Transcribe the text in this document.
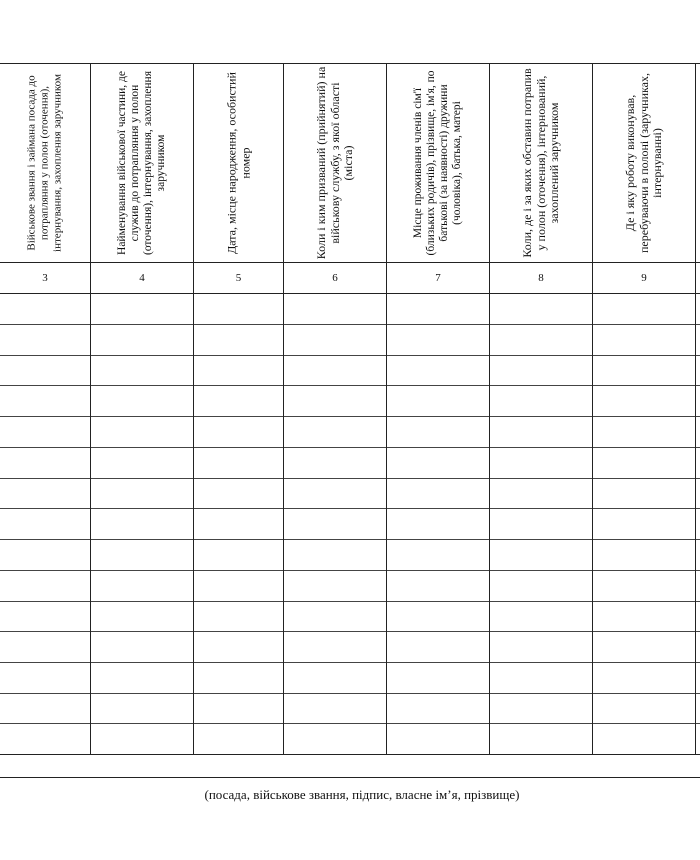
Військове звання і займана посада до потрапляння у полон (оточення), інтернування, захоплення заручником	Найменування військової частини, де служив до потрапляння у полон (оточення), інтернування, захоплення заручником	Дата, місце народження, особистий номер	Коли і ким призваний (прийнятий) на військову службу, з якої області (міста)	Місце проживання членів сім'ї (близьких родичів), прізвище, ім'я, по батькові (за наявності) дружини (чоловіка), батька, матері	Коли, де і за яких обставин потрапив у полон (оточення), інтернований, захоплений заручником	Де і яку роботу виконував, перебуваючи в полоні (заручниках, інтернуванні)
3	4	5	6	7	8	9
(посада, військове звання, підпис, власне ім’я, прізвище)
